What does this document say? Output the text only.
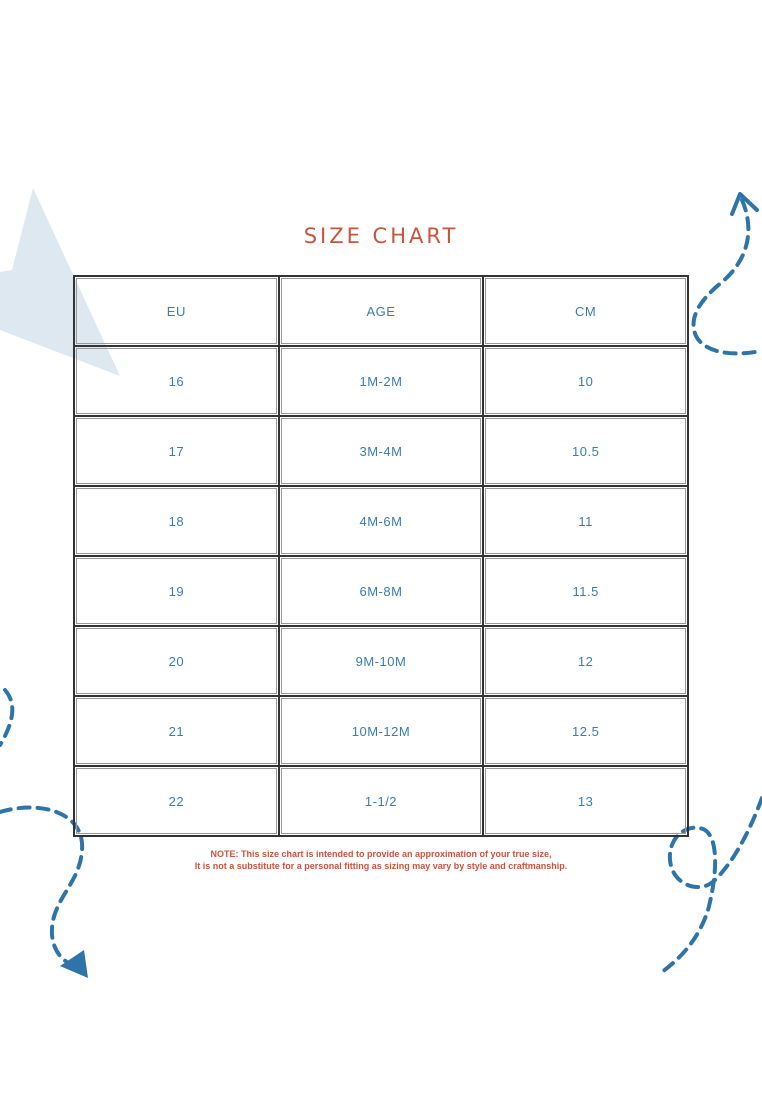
SIZE CHART
EU	AGE	CM
16	1M-2M	10
17	3M-4M	10.5
18	4M-6M	11
19	6M-8M	11.5
20	9M-10M	12
21	10M-12M	12.5
22	1-1/2	13
NOTE: This size chart is intended to provide an approximation of your true size,
It is not a substitute for a personal fitting as sizing may vary by style and craftmanship.
